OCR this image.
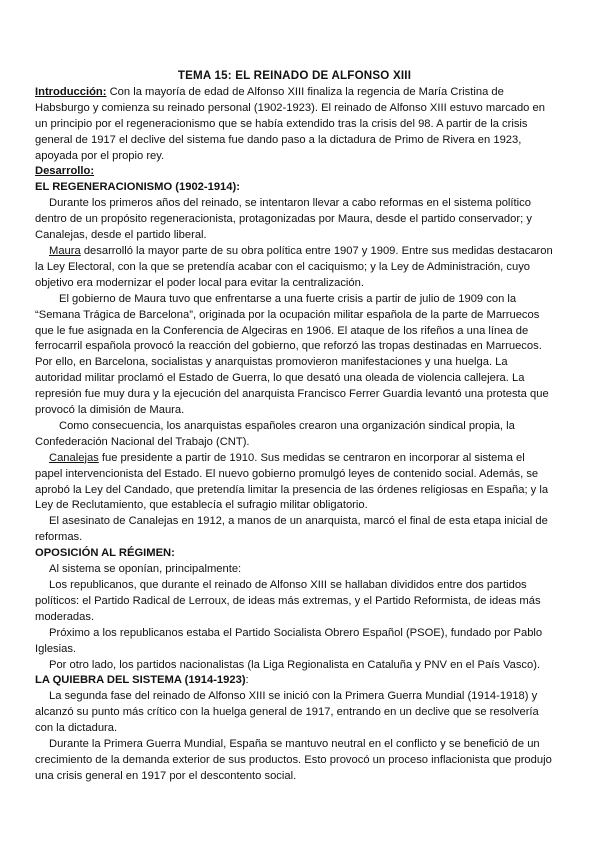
TEMA 15: EL REINADO DE ALFONSO XIII

Introducción: Con la mayoría de edad de Alfonso XIII finaliza la regencia de María Cristina de Habsburgo y comienza su reinado personal (1902-1923). El reinado de Alfonso XIII estuvo marcado en un principio por el regeneracionismo que se había extendido tras la crisis del 98. A partir de la crisis general de 1917 el declive del sistema fue dando paso a la dictadura de Primo de Rivera en 1923, apoyada por el propio rey.

Desarrollo:

EL REGENERACIONISMO (1902-1914):

Durante los primeros años del reinado, se intentaron llevar a cabo reformas en el sistema político dentro de un propósito regeneracionista, protagonizadas por Maura, desde el partido conservador; y Canalejas, desde el partido liberal.

Maura desarrolló la mayor parte de su obra política entre 1907 y 1909. Entre sus medidas destacaron la Ley Electoral, con la que se pretendía acabar con el caciquismo; y la Ley de Administración, cuyo objetivo era modernizar el poder local para evitar la centralización.

El gobierno de Maura tuvo que enfrentarse a una fuerte crisis a partir de julio de 1909 con la “Semana Trágica de Barcelona”, originada por la ocupación militar española de la parte de Marruecos que le fue asignada en la Conferencia de Algeciras en 1906. El ataque de los rifeños a una línea de ferrocarril española provocó la reacción del gobierno, que reforzó las tropas destinadas en Marruecos. Por ello, en Barcelona, socialistas y anarquistas promovieron manifestaciones y una huelga. La autoridad militar proclamó el Estado de Guerra, lo que desató una oleada de violencia callejera. La represión fue muy dura y la ejecución del anarquista Francisco Ferrer Guardia levantó una protesta que provocó la dimisión de Maura.

Como consecuencia, los anarquistas españoles crearon una organización sindical propia, la Confederación Nacional del Trabajo (CNT).

Canalejas fue presidente a partir de 1910. Sus medidas se centraron en incorporar al sistema el papel intervencionista del Estado. El nuevo gobierno promulgó leyes de contenido social. Además, se aprobó la Ley del Candado, que pretendía limitar la presencia de las órdenes religiosas en España; y la Ley de Reclutamiento, que establecía el sufragio militar obligatorio.

El asesinato de Canalejas en 1912, a manos de un anarquista, marcó el final de esta etapa inicial de reformas.

OPOSICIÓN AL RÉGIMEN:

Al sistema se oponían, principalmente:

Los republicanos, que durante el reinado de Alfonso XIII se hallaban divididos entre dos partidos políticos: el Partido Radical de Lerroux, de ideas más extremas, y el Partido Reformista, de ideas más moderadas.

Próximo a los republicanos estaba el Partido Socialista Obrero Español (PSOE), fundado por Pablo Iglesias.

Por otro lado, los partidos nacionalistas (la Liga Regionalista en Cataluña y PNV en el País Vasco).

LA QUIEBRA DEL SISTEMA (1914-1923):

La segunda fase del reinado de Alfonso XIII se inició con la Primera Guerra Mundial (1914-1918) y alcanzó su punto más crítico con la huelga general de 1917, entrando en un declive que se resolvería con la dictadura.

Durante la Primera Guerra Mundial, España se mantuvo neutral en el conflicto y se benefició de un crecimiento de la demanda exterior de sus productos. Esto provocó un proceso inflacionista que produjo una crisis general en 1917 por el descontento social.
